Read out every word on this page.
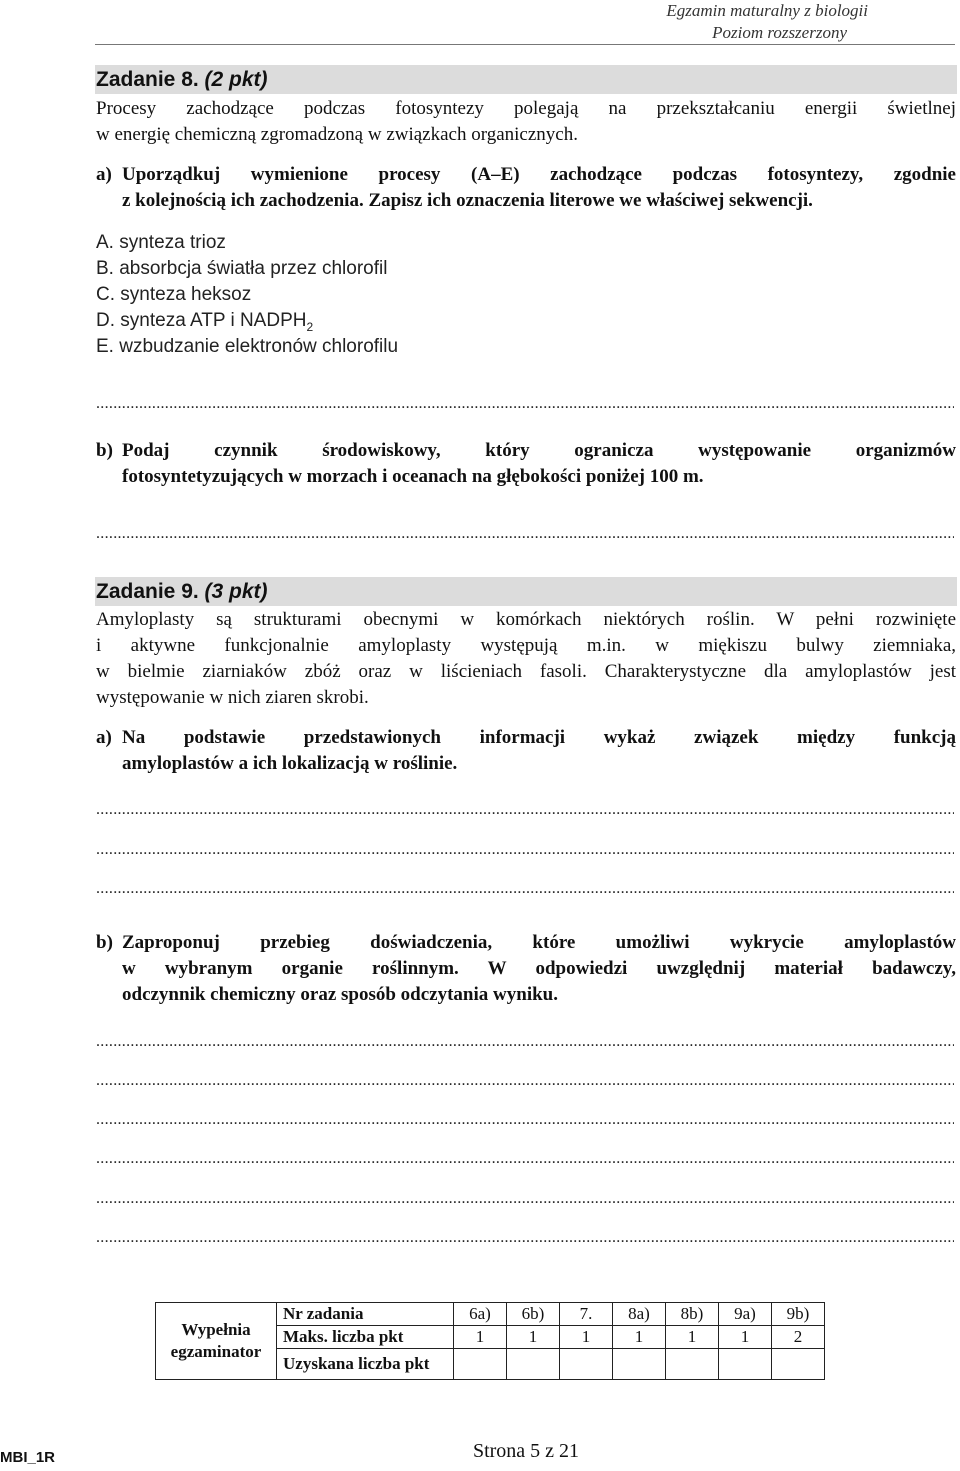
Egzamin maturalny z biologii
Poziom rozszerzony
Zadanie 8. (2 pkt)
Procesy zachodzące podczas fotosyntezy polegają na przekształcaniu energii świetlnej
w energię chemiczną zgromadzoną w związkach organicznych.
a) Uporządkuj wymienione procesy (A–E) zachodzące podczas fotosyntezy, zgodnie
z kolejnością ich zachodzenia. Zapisz ich oznaczenia literowe we właściwej sekwencji.
A. synteza trioz
B. absorbcja światła przez chlorofil
C. synteza heksoz
D. synteza ATP i $NADPH_2$
E. wzbudzanie elektronów chlorofilu
.....
b) Podaj czynnik środowiskowy, który ogranicza występowanie organizmów
fotosyntetyzujących w morzach i oceanach na głębokości poniżej 100 m.
.....
Zadanie 9. (3 pkt)
Amyloplasty są strukturami obecnymi w komórkach niektórych roślin. W pełni rozwinięte
i aktywne funkcjonalnie amyloplasty występują m.in. w miękiszu bulwy ziemniaka,
w bielmie ziarniaków zbóż oraz w liścieniach fasoli. Charakterystyczne dla amyloplastów jest
występowanie w nich ziaren skrobi.
a) Na podstawie przedstawionych informacji wykaż związek między funkcją
amyloplastów a ich lokalizacją w roślinie.
.....
.....
.....
b) Zaproponuj przebieg doświadczenia, które umożliwi wykrycie amyloplastów
w wybranym organie roślinnym. W odpowiedzi uwzględnij materiał badawczy,
odczynnik chemiczny oraz sposób odczytania wyniku.
.....
.....
.....
.....
.....
.....
Wypełnia egzaminator	Nr zadania	6a)	6b)	7.	8a)	8b)	9a)	9b)
	Maks. liczba pkt	1	1	1	1	1	1	2
	Uzyskana liczba pkt							
MBI_1R	Strona 5 z 21
